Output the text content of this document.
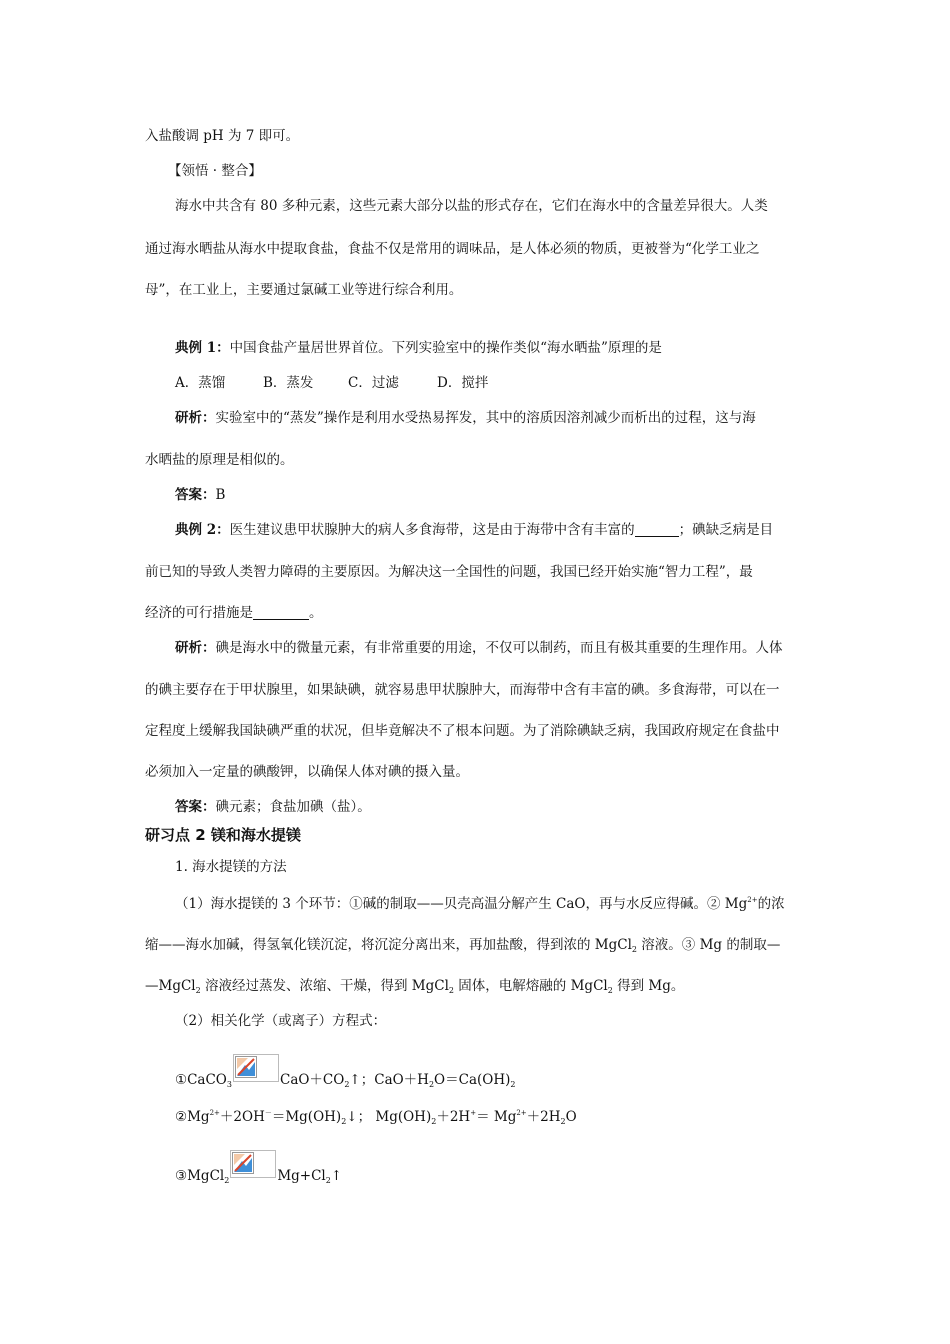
入盐酸调 pH 为 7 即可。
【领悟 · 整合】
海水中共含有 80 多种元素，这些元素大部分以盐的形式存在，它们在海水中的含量差异很大。人类
通过海水晒盐从海水中提取食盐，食盐不仅是常用的调味品，是人体必须的物质，更被誉为“化学工业之
母”，在工业上，主要通过氯碱工业等进行综合利用。
典例 1：中国食盐产量居世界首位。下列实验室中的操作类似“海水晒盐”原理的是
A．蒸馏	B．蒸发	C．过滤	D．搅拌
研析：实验室中的“蒸发”操作是利用水受热易挥发，其中的溶质因溶剂减少而析出的过程，这与海
水晒盐的原理是相似的。
答案：B
典例 2：医生建议患甲状腺肿大的病人多食海带，这是由于海带中含有丰富的	；碘缺乏病是目
前已知的导致人类智力障碍的主要原因。为解决这一全国性的问题，我国已经开始实施“智力工程”，最
经济的可行措施是	。
研析：碘是海水中的微量元素，有非常重要的用途，不仅可以制药，而且有极其重要的生理作用。人体
的碘主要存在于甲状腺里，如果缺碘，就容易患甲状腺肿大，而海带中含有丰富的碘。多食海带，可以在一
定程度上缓解我国缺碘严重的状况，但毕竟解决不了根本问题。为了消除碘缺乏病，我国政府规定在食盐中
必须加入一定量的碘酸钾，以确保人体对碘的摄入量。
答案：碘元素；食盐加碘（盐）。
研习点 2 镁和海水提镁
1. 海水提镁的方法
（1）海水提镁的 3 个环节：①碱的制取——贝壳高温分解产生 CaO，再与水反应得碱。② $Mg^{2+}$的浓
缩——海水加碱，得氢氧化镁沉淀，将沉淀分离出来，再加盐酸，得到浓的 MgCl$_2$ 溶液。③ Mg 的制取—
—MgCl$_2$ 溶液经过蒸发、浓缩、干燥，得到 MgCl$_2$ 固体，电解熔融的 MgCl$_2$ 得到 Mg。
（2）相关化学（或离子）方程式：
①CaCO$_3$	$CaO+CO_2↑$；$CaO+H_2O=Ca(OH)_2$
$②Mg^{2+}+2OH^-=Mg(OH)_2↓$； $Mg(OH)_2+2H^+= Mg^{2+}+2H_2O$
③MgCl$_2$	$Mg+Cl_2↑$
